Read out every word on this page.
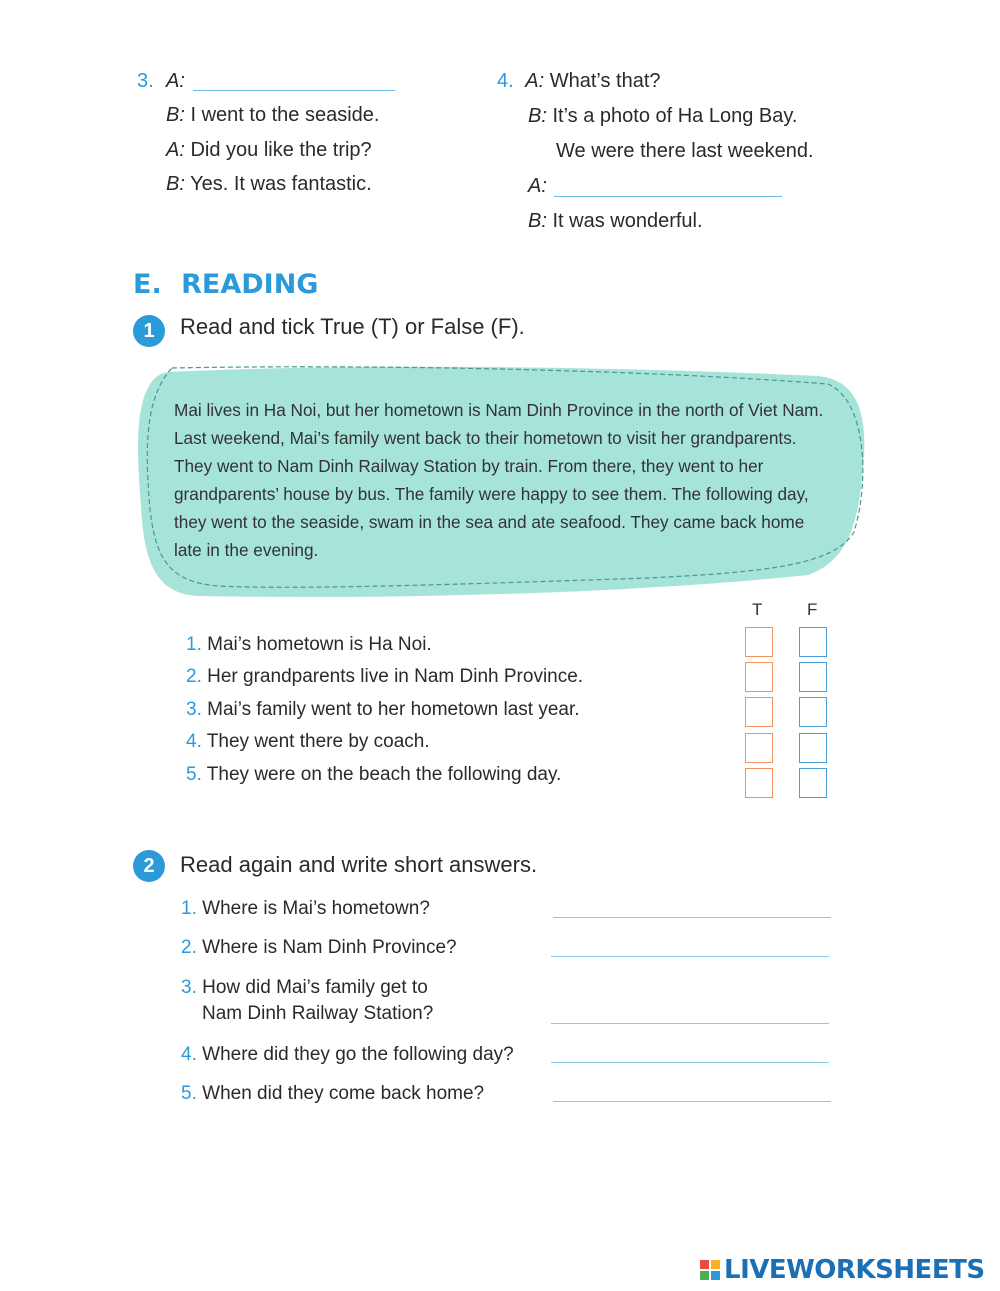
3. A:
B: I went to the seaside.
A: Did you like the trip?
B: Yes. It was fantastic.
4. A: What’s that?
B: It’s a photo of Ha Long Bay.
We were there last weekend.
A:
B: It was wonderful.
E. READING
1	Read and tick True (T) or False (F).

Mai lives in Ha Noi, but her hometown is Nam Dinh Province in the north of Viet Nam. Last weekend, Mai’s family went back to their hometown to visit her grandparents. They went to Nam Dinh Railway Station by train. From there, they went to her grandparents’ house by bus. The family were happy to see them. The following day, they went to the seaside, swam in the sea and ate seafood. They came back home late in the evening.

T	F
1. Mai’s hometown is Ha Noi.
2. Her grandparents live in Nam Dinh Province.
3. Mai’s family went to her hometown last year.
4. They went there by coach.
5. They were on the beach the following day.
2	Read again and write short answers.
1. Where is Mai’s hometown?
2. Where is Nam Dinh Province?
3. How did Mai’s family get to
Nam Dinh Railway Station?
4. Where did they go the following day?
5. When did they come back home?
LIVEWORKSHEETS
